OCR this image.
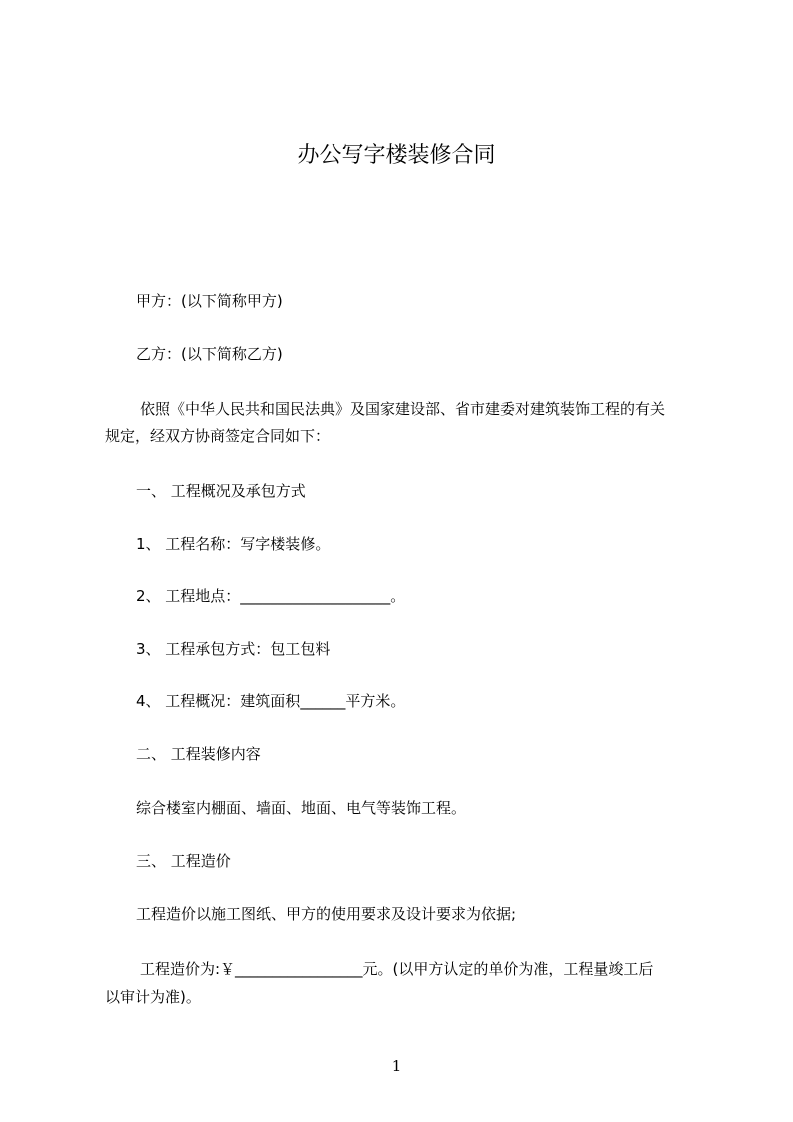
办公写字楼装修合同

甲方：(以下简称甲方)

乙方：(以下简称乙方)

依照《中华人民共和国民法典》及国家建设部、省市建委对建筑装饰工程的有关

规定，经双方协商签定合同如下：

一、 工程概况及承包方式

1、 工程名称：写字楼装修。

2、 工程地点：____________________。

3、 工程承包方式：包工包料

4、 工程概况：建筑面积______平方米。

二、 工程装修内容

综合楼室内棚面、墙面、地面、电气等装饰工程。

三、 工程造价

工程造价以施工图纸、甲方的使用要求及设计要求为依据;

工程造价为:￥_________________元。(以甲方认定的单价为准，工程量竣工后

以审计为准)。

1
